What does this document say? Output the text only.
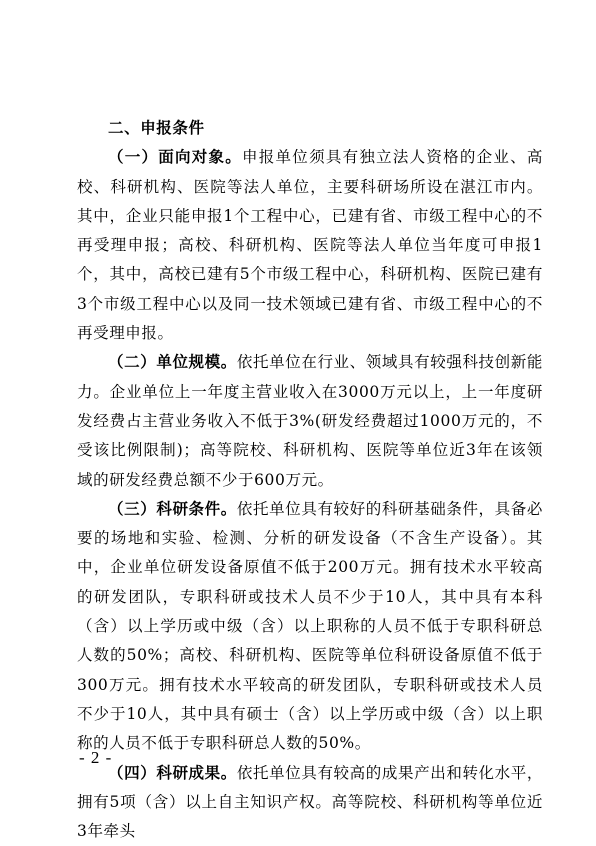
二、申报条件

（一）面向对象。申报单位须具有独立法人资格的企业、高校、科研机构、医院等法人单位，主要科研场所设在湛江市内。其中，企业只能申报1个工程中心，已建有省、市级工程中心的不再受理申报；高校、科研机构、医院等法人单位当年度可申报1个，其中，高校已建有5个市级工程中心，科研机构、医院已建有3个市级工程中心以及同一技术领域已建有省、市级工程中心的不再受理申报。

（二）单位规模。依托单位在行业、领域具有较强科技创新能力。企业单位上一年度主营业收入在3000万元以上，上一年度研发经费占主营业务收入不低于3%(研发经费超过1000万元的，不受该比例限制)；高等院校、科研机构、医院等单位近3年在该领域的研发经费总额不少于600万元。

（三）科研条件。依托单位具有较好的科研基础条件，具备必要的场地和实验、检测、分析的研发设备（不含生产设备）。其中，企业单位研发设备原值不低于200万元。拥有技术水平较高的研发团队，专职科研或技术人员不少于10人，其中具有本科（含）以上学历或中级（含）以上职称的人员不低于专职科研总人数的50%；高校、科研机构、医院等单位科研设备原值不低于300万元。拥有技术水平较高的研发团队，专职科研或技术人员不少于10人，其中具有硕士（含）以上学历或中级（含）以上职称的人员不低于专职科研总人数的50%。

（四）科研成果。依托单位具有较高的成果产出和转化水平，拥有5项（含）以上自主知识产权。高等院校、科研机构等单位近3年牵头

- 2 -
